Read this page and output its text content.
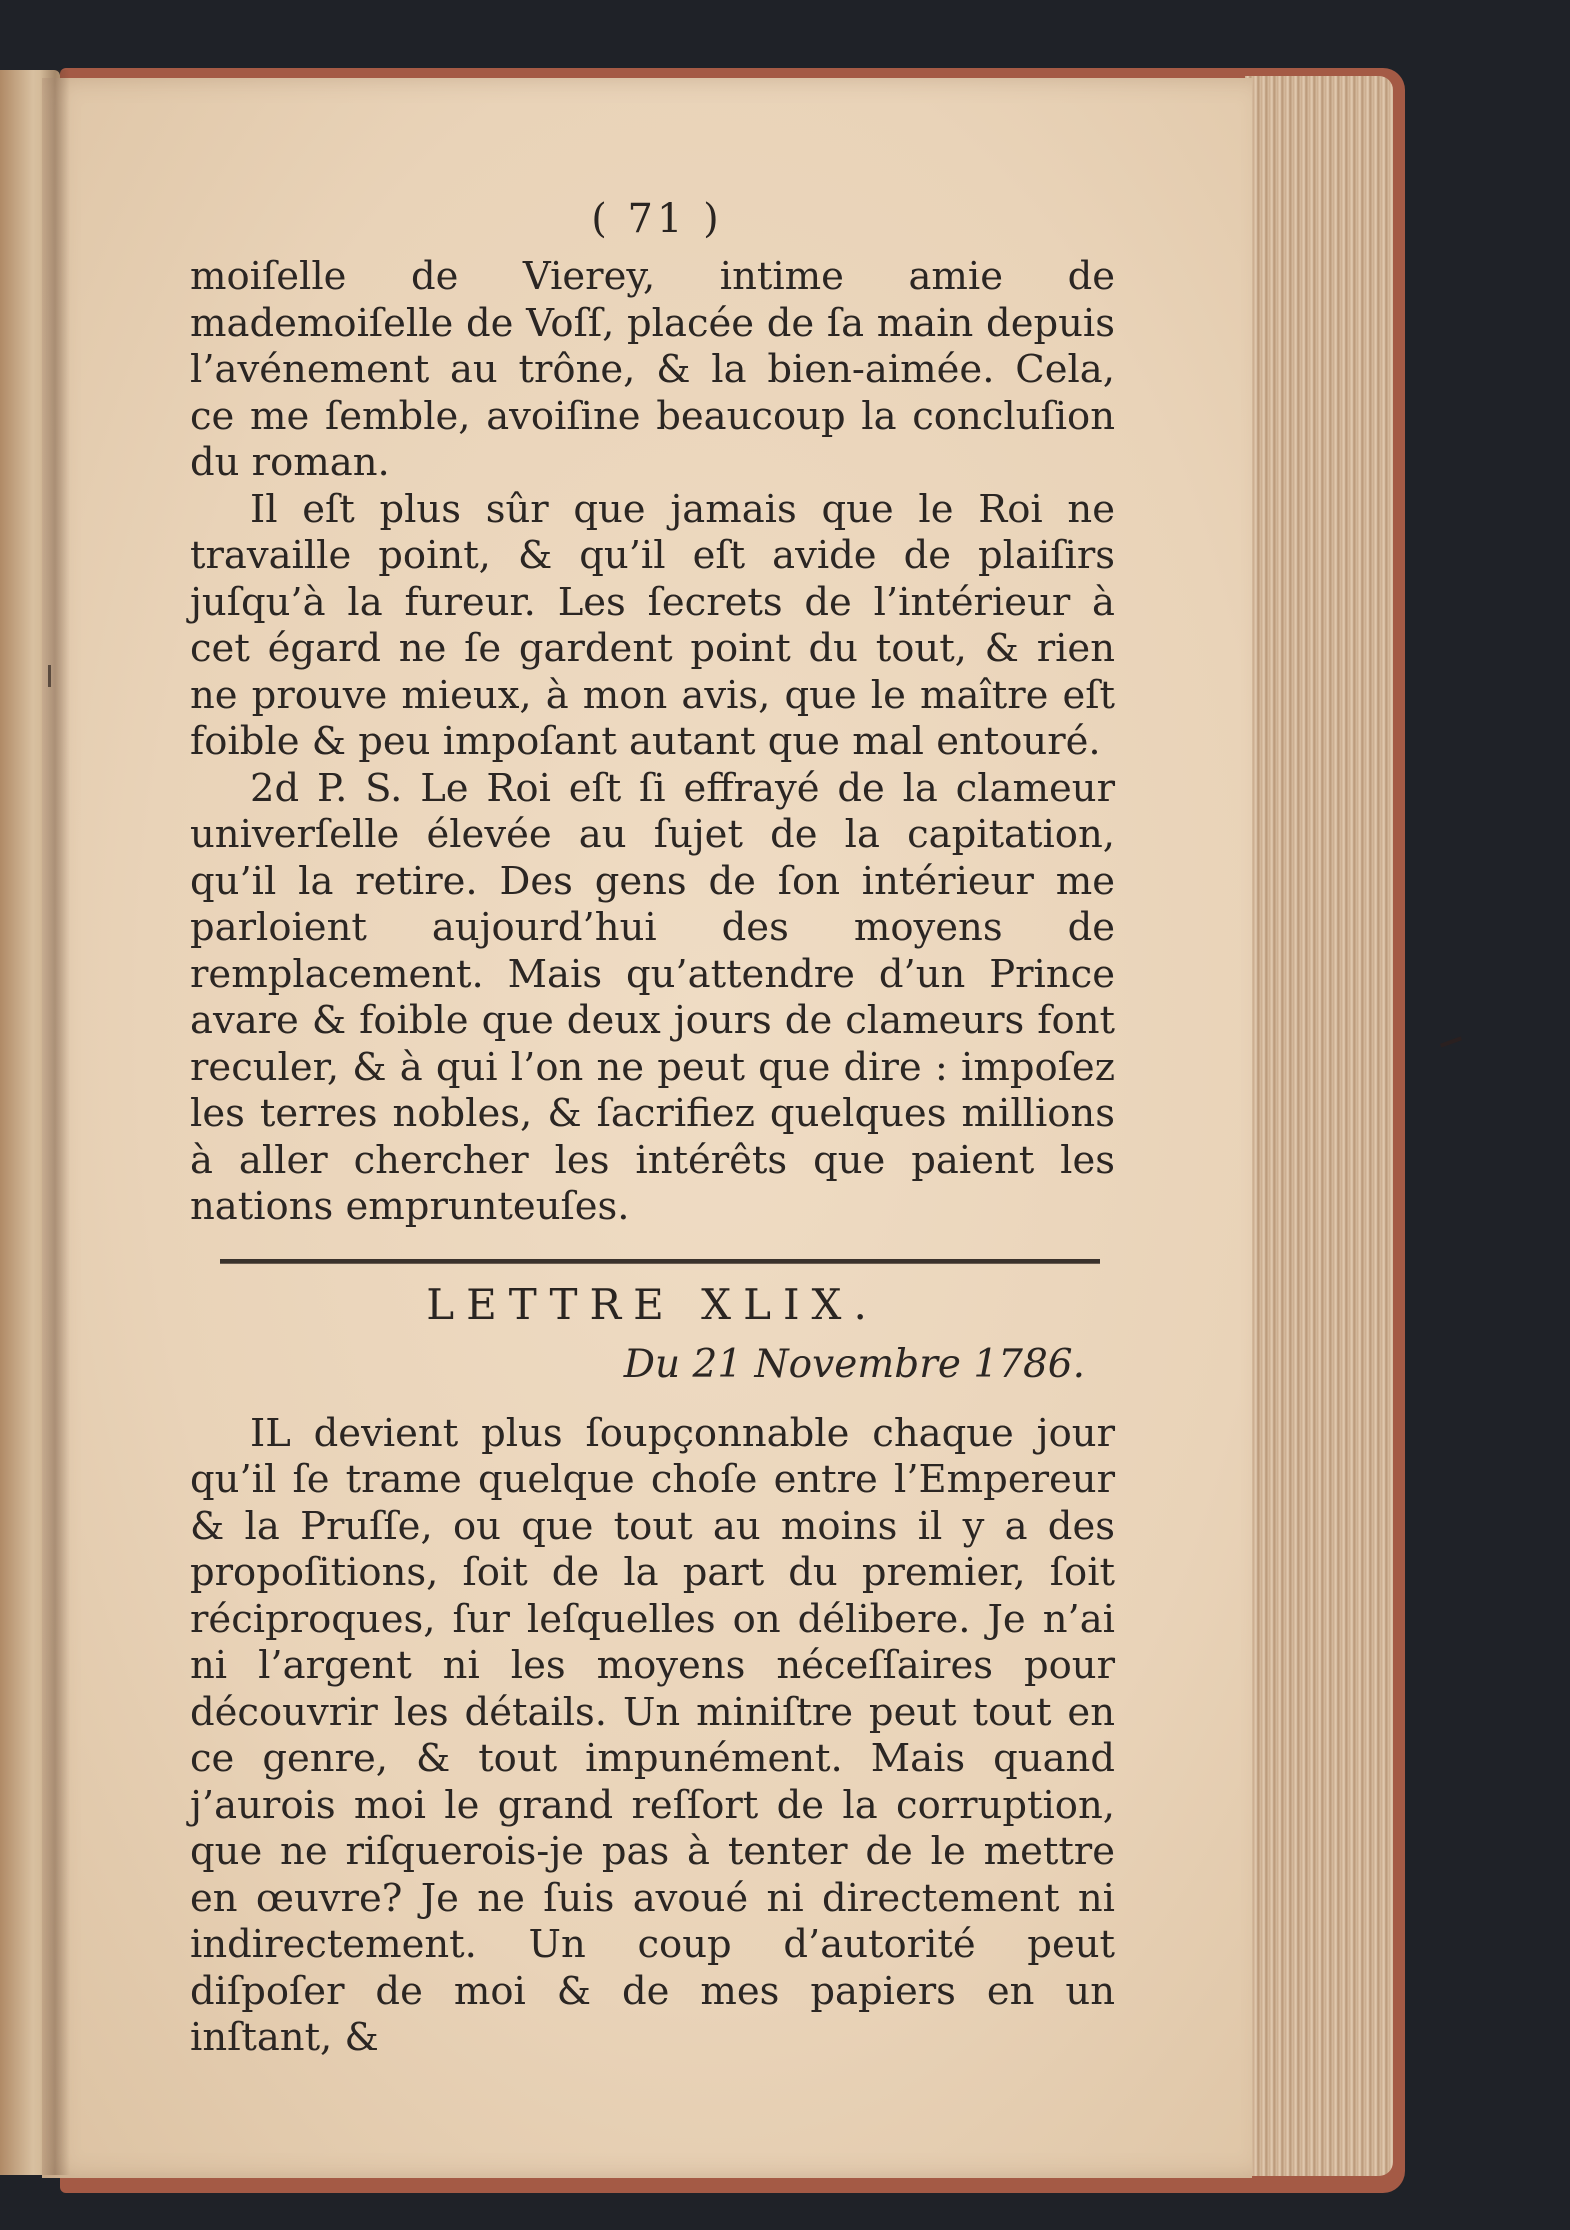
( 71 )

moiſelle de Vierey, intime amie de mademoiſelle de Voſſ, placée de ſa main depuis l’avénement au trône, & la bien-aimée. Cela, ce me ſemble, avoiſine beaucoup la concluſion du roman.

Il eſt plus sûr que jamais que le Roi ne travaille point, & qu’il eſt avide de plaiſirs juſqu’à la fureur. Les ſecrets de l’intérieur à cet égard ne ſe gardent point du tout, & rien ne prouve mieux, à mon avis, que le maître eſt foible & peu impoſant autant que mal entouré.

2d P. S. Le Roi eſt ſi effrayé de la clameur univerſelle élevée au ſujet de la capitation, qu’il la retire. Des gens de ſon intérieur me parloient aujourd’hui des moyens de remplacement. Mais qu’attendre d’un Prince avare & foible que deux jours de clameurs font reculer, & à qui l’on ne peut que dire : impoſez les terres nobles, & ſacrifiez quelques millions à aller chercher les intérêts que paient les nations emprunteuſes.

LETTRE XLIX.

Du 21 Novembre 1786.

IL devient plus ſoupçonnable chaque jour qu’il ſe trame quelque choſe entre l’Empereur & la Pruſſe, ou que tout au moins il y a des propoſitions, ſoit de la part du premier, ſoit réciproques, ſur leſquelles on délibere. Je n’ai ni l’argent ni les moyens néceſſaires pour découvrir les détails. Un miniſtre peut tout en ce genre, & tout impunément. Mais quand j’aurois moi le grand reſſort de la corruption, que ne riſquerois-je pas à tenter de le mettre en œuvre? Je ne ſuis avoué ni directement ni indirectement. Un coup d’autorité peut diſpoſer de moi & de mes papiers en un inſtant, &
